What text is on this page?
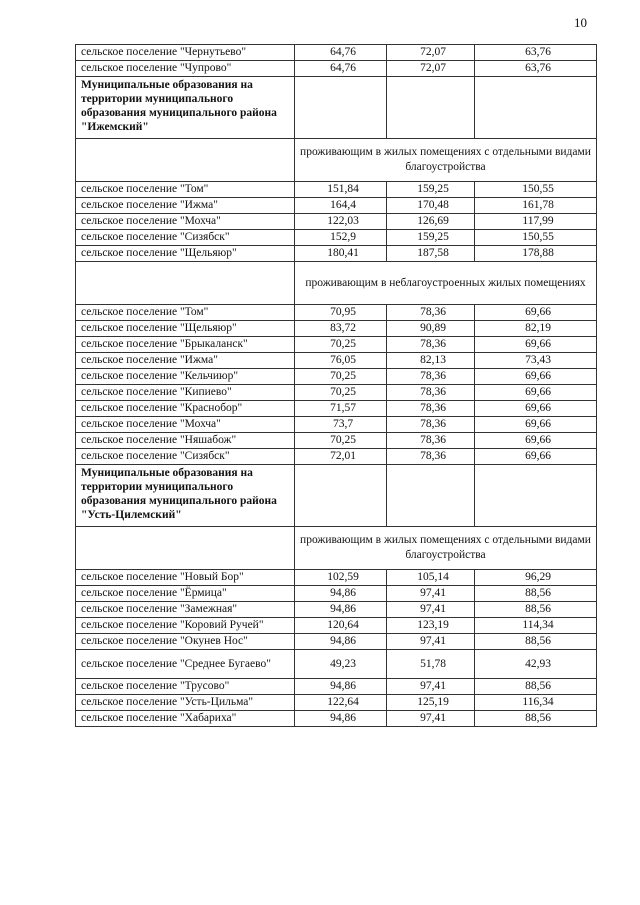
10
сельское поселение "Чернутьево"	64,76	72,07	63,76
сельское поселение "Чупрово"	64,76	72,07	63,76
Муниципальные образования на территории муниципального образования муниципального района "Ижемский"			
	проживающим в жилых помещениях с отдельными видами благоустройства		
сельское поселение "Том"	151,84	159,25	150,55
сельское поселение "Ижма"	164,4	170,48	161,78
сельское поселение "Мохча"	122,03	126,69	117,99
сельское поселение "Сизябск"	152,9	159,25	150,55
сельское поселение "Щельяюр"	180,41	187,58	178,88
	проживающим в неблагоустроенных жилых помещениях		
сельское поселение "Том"	70,95	78,36	69,66
сельское поселение "Щельяюр"	83,72	90,89	82,19
сельское поселение "Брыкаланск"	70,25	78,36	69,66
сельское поселение "Ижма"	76,05	82,13	73,43
сельское поселение "Кельчиюр"	70,25	78,36	69,66
сельское поселение "Кипиево"	70,25	78,36	69,66
сельское поселение "Краснобор"	71,57	78,36	69,66
сельское поселение "Мохча"	73,7	78,36	69,66
сельское поселение "Няшабож"	70,25	78,36	69,66
сельское поселение "Сизябск"	72,01	78,36	69,66
Муниципальные образования на территории муниципального образования муниципального района "Усть-Цилемский"			
	проживающим в жилых помещениях с отдельными видами благоустройства		
сельское поселение "Новый Бор"	102,59	105,14	96,29
сельское поселение "Ёрмица"	94,86	97,41	88,56
сельское поселение "Замежная"	94,86	97,41	88,56
сельское поселение "Коровий Ручей"	120,64	123,19	114,34
сельское поселение "Окунев Нос"	94,86	97,41	88,56
сельское поселение "Среднее Бугаево"	49,23	51,78	42,93
сельское поселение "Трусово"	94,86	97,41	88,56
сельское поселение "Усть-Цильма"	122,64	125,19	116,34
сельское поселение "Хабариха"	94,86	97,41	88,56
